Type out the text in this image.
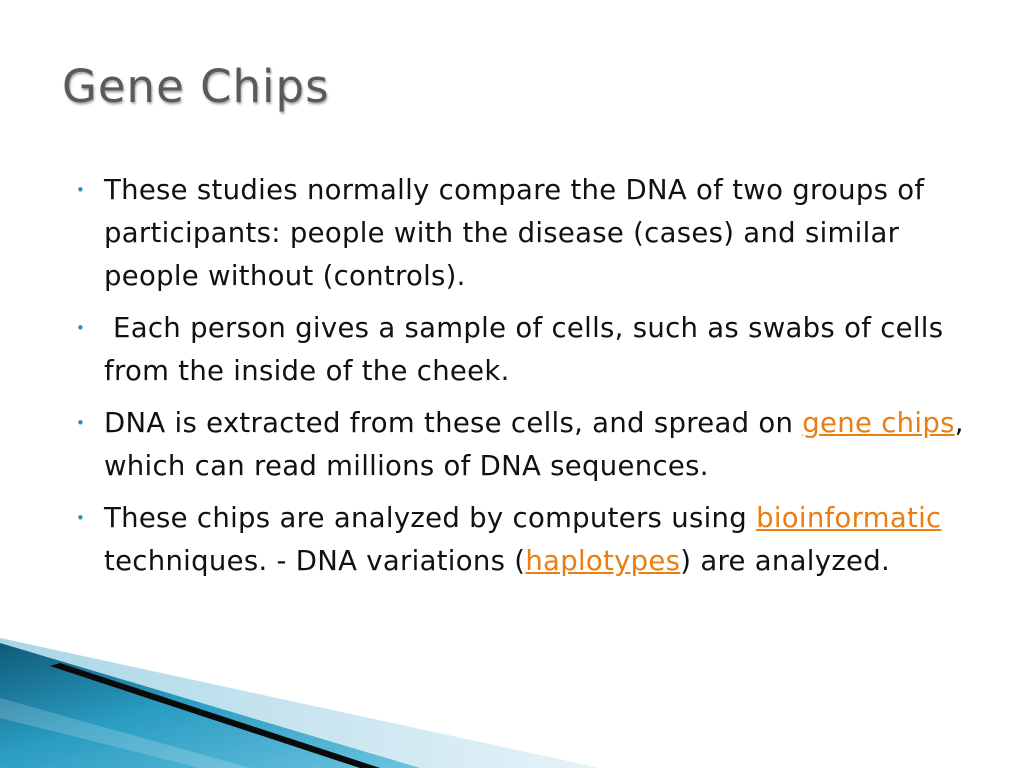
Gene Chips
• These studies normally compare the DNA of two groups of participants: people with the disease (cases) and similar people without (controls).
• Each person gives a sample of cells, such as swabs of cells from the inside of the cheek.
• DNA is extracted from these cells, and spread on gene chips, which can read millions of DNA sequences.
• These chips are analyzed by computers using bioinformatic techniques. - DNA variations (haplotypes) are analyzed.
